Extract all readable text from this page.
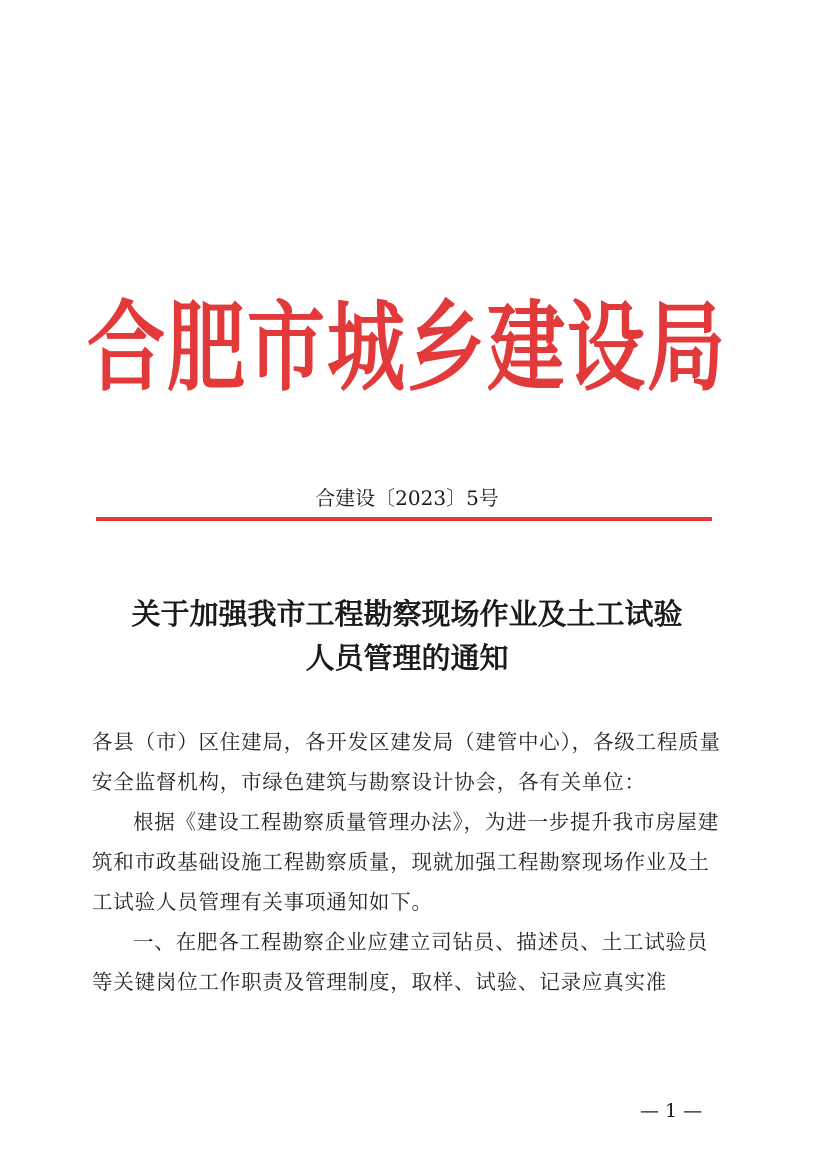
合肥市城乡建设局
合建设〔2023〕5号
关于加强我市工程勘察现场作业及土工试验
人员管理的通知

各县（市）区住建局，各开发区建发局（建管中心），各级工程质量安全监督机构，市绿色建筑与勘察设计协会，各有关单位：

根据《建设工程勘察质量管理办法》，为进一步提升我市房屋建筑和市政基础设施工程勘察质量，现就加强工程勘察现场作业及土工试验人员管理有关事项通知如下。

一、在肥各工程勘察企业应建立司钻员、描述员、土工试验员等关键岗位工作职责及管理制度，取样、试验、记录应真实准

— 1 —
